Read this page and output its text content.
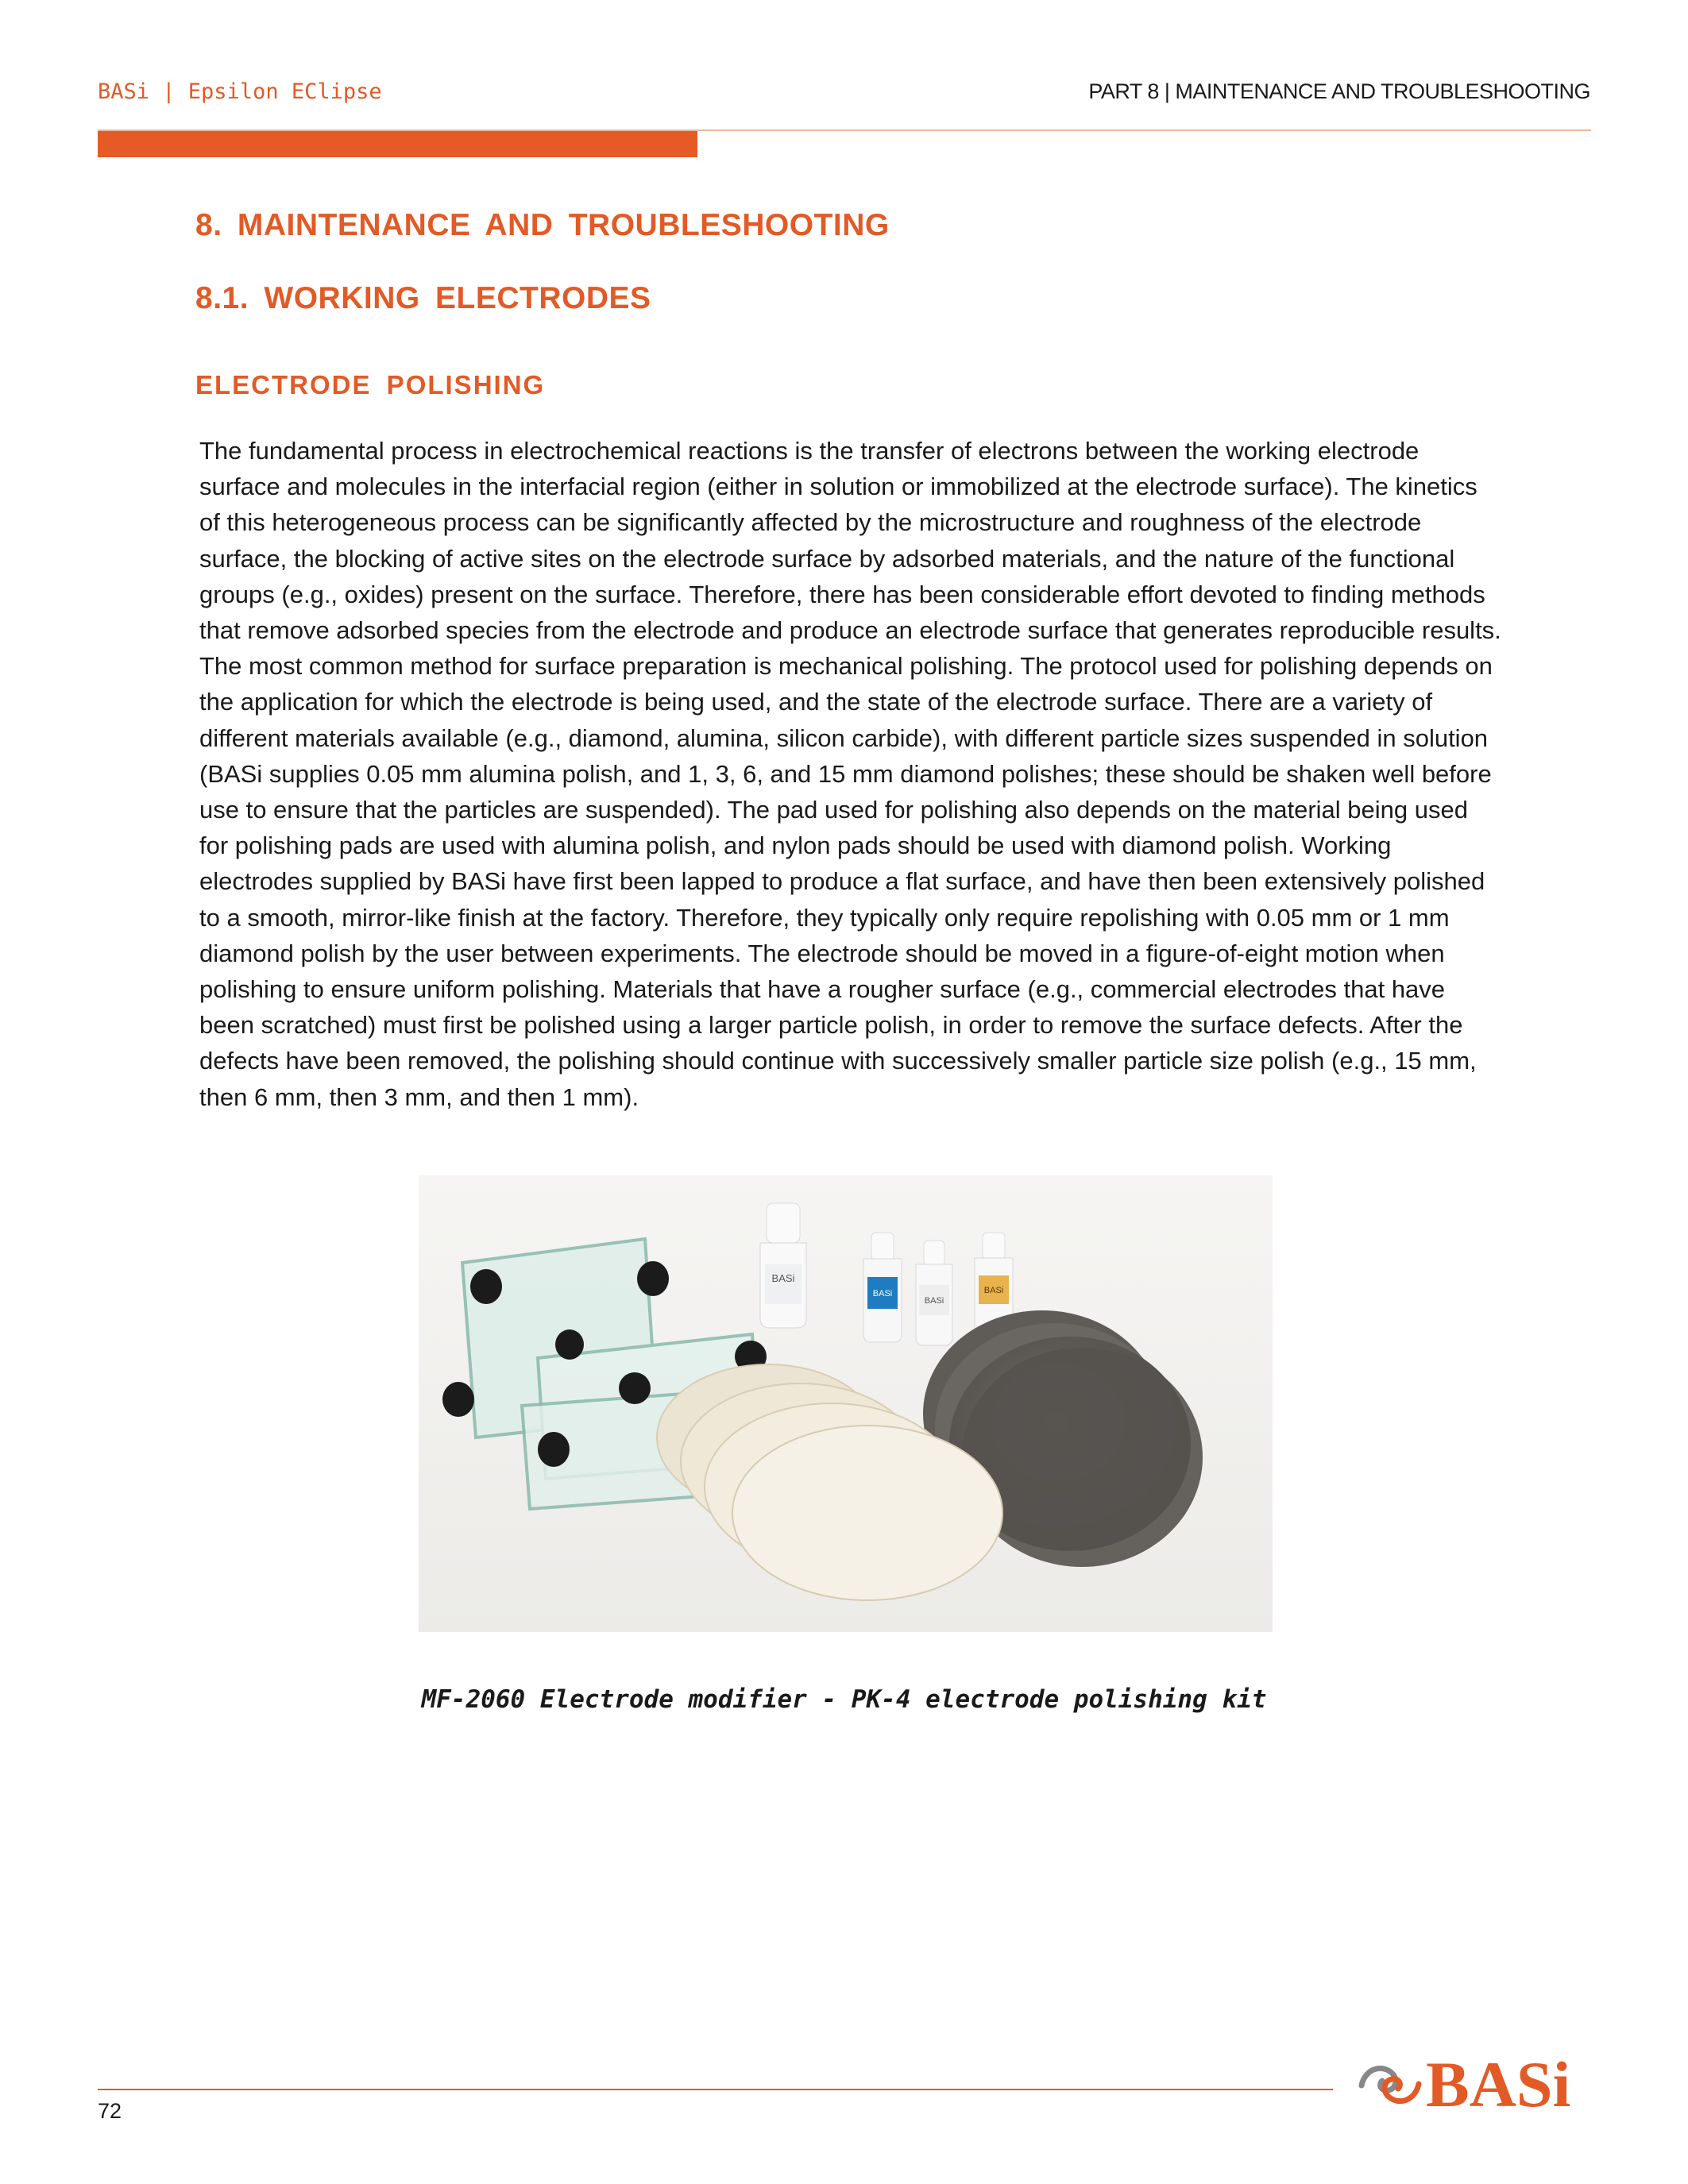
BASi | Epsilon EClipse	PART 8 | MAINTENANCE AND TROUBLESHOOTING
8. MAINTENANCE AND TROUBLESHOOTING
8.1. WORKING ELECTRODES
ELECTRODE POLISHING

The fundamental process in electrochemical reactions is the transfer of electrons between the working electrode surface and molecules in the interfacial region (either in solution or immobilized at the electrode surface). The kinetics of this heterogeneous process can be significantly affected by the microstructure and roughness of the electrode surface, the blocking of active sites on the electrode surface by adsorbed materials, and the nature of the functional groups (e.g., oxides) present on the surface. Therefore, there has been considerable effort devoted to finding methods that remove adsorbed species from the electrode and produce an electrode surface that generates reproducible results. The most common method for surface preparation is mechanical polishing. The protocol used for polishing depends on the application for which the electrode is being used, and the state of the electrode surface. There are a variety of different materials available (e.g., diamond, alumina, silicon carbide), with different particle sizes suspended in solution (BASi supplies 0.05 mm alumina polish, and 1, 3, 6, and 15 mm diamond polishes; these should be shaken well before use to ensure that the particles are suspended). The pad used for polishing also depends on the material being used for polishing pads are used with alumina polish, and nylon pads should be used with diamond polish. Working electrodes supplied by BASi have first been lapped to produce a flat surface, and have then been extensively polished to a smooth, mirror-like finish at the factory. Therefore, they typically only require repolishing with 0.05 mm or 1 mm diamond polish by the user between experiments. The electrode should be moved in a figure-of-eight motion when polishing to ensure uniform polishing. Materials that have a rougher surface (e.g., commercial electrodes that have been scratched) must first be polished using a larger particle polish, in order to remove the surface defects. After the defects have been removed, the polishing should continue with successively smaller particle size polish (e.g., 15 mm, then 6 mm, then 3 mm, and then 1 mm).

BASi
BASi
BASi
BASi
MF-2060 Electrode modifier - PK-4 electrode polishing kit
72	BASi
